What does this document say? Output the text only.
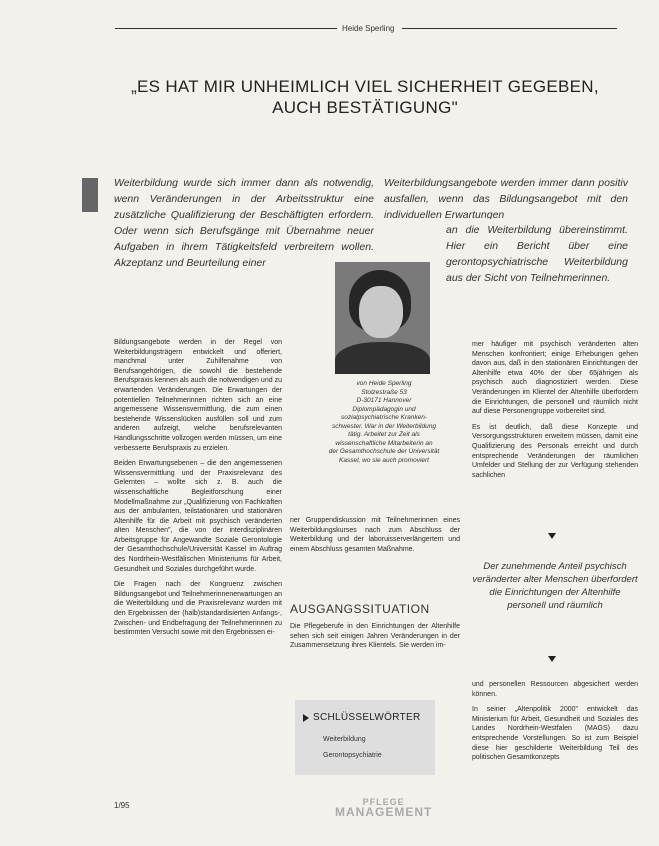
Heide Sperling
„ES HAT MIR UNHEIMLICH VIEL SICHERHEIT GEGEBEN,
AUCH BESTÄTIGUNG"
Weiterbildung wurde sich immer dann als notwendig, wenn Veränderungen in der Arbeitsstruktur eine zusätzliche Qualifizierung der Beschäftigten erfordern. Oder wenn sich Berufsgänge mit Übernahme neuer Aufgaben in ihrem Tätigkeitsfeld verbreitern wollen. Akzeptanz und Beurteilung einer
Weiterbildungsangebote werden immer dann positiv ausfallen, wenn das Bildungsangebot mit den individuellen Erwartungen
an die Weiterbildung übereinstimmt. Hier ein Bericht über eine gerontopsychiatrische Weiterbildung aus der Sicht von Teilnehmerinnen.
von Heide Sperling
Stolzestraße 53
D-30171 Hannover
Diplompädagogin und
sozialpsychiatrische Kranken-
schwester. War in der Weiterbildung
tätig. Arbeitet zur Zeit als
wissenschaftliche Mitarbeiterin an
der Gesamthochschule der Universität
Kassel, wo sie auch promoviert
Bildungsangebote werden in der Regel von Weiterbildungsträgern entwickelt und offeriert, manchmal unter Zuhilfenahme von Berufsangehörigen, die sowohl die bestehende Berufspraxis kennen als auch die notwendigen und zu erwartenden Veränderungen. Die Erwartungen der potentiellen Teilnehmerinnen richten sich an eine angemessene Wissensvermittlung, die zum einen bestehende Wissenslücken ausfüllen soll und zum anderen aufzeigt, welche berufsrelevanten Handlungsschritte vollzogen werden müssen, um eine verbesserte Berufspraxis zu erzielen.
Beiden Erwartungsebenen – die den angemessenen Wissensvermittlung und der Praxisrelevanz des Gelernten – wollte sich z. B. auch die wissenschaftliche Begleitforschung einer Modellmaßnahme zur „Qualifizierung von Fachkräften aus der ambulanten, teilstationären und stationären Altenhilfe für die Arbeit mit psychisch veränderten alten Menschen", die von der interdisziplinären Arbeitsgruppe für Angewandte Soziale Gerontologie der Gesamthochschule/Universität Kassel im Auftrag des Nordrhein-Westfälischen Ministeriums für Arbeit, Gesundheit und Soziales durchgeführt wurde.
Die Fragen nach der Kongruenz zwischen Bildungsangebot und Teilnehmerinnenerwartungen an die Weiterbildung und die Praxisrelevanz wurden mit den Ergebnissen der (halb)standardisierten Anfangs-, Zwischen- und Endbefragung der Teilnehmerinnen zu bestimmten Versucht sowie mit den Ergebnissen ei-
ner Gruppendiskussion mit Teilnehmerinnen eines Weiterbildungskurses nach zum Abschluss der Weiterbildung und der laboruisserverlängertem und einem Abschluss gesamten Maßnahme.
AUSGANGSSITUATION
Die Pflegeberufe in den Einrichtungen der Altenhilfe sehen sich seit einigen Jahren Veränderungen in der Zusammensetzung ihres Klientels. Sie werden im-
SCHLÜSSELWÖRTER
Weiterbildung
Gerontopsychiatrie
mer häufiger mit psychisch veränderten alten Menschen konfrontiert; einige Erhebungen gehen davon aus, daß in den stationären Einrichtungen der Altenhilfe etwa 40% der über 65jährigen als psychisch auch diagnostiziert werden. Diese Veränderungen im Klientel der Altenhilfe überfordern die Einrichtungen, die personell und räumlich nicht auf diese Personengruppe vorbereitet sind.
Es ist deutlich, daß diese Konzepte und Versorgungsstrukturen erweitern müssen, damit eine Qualifizierung des Personals erreicht und durch entsprechende Veränderungen der räumlichen Umfelder und Stellung der zur Verfügung stehenden sachlichen
Der zunehmende Anteil psychisch veränderter alter Menschen überfordert die Einrichtungen der Altenhilfe personell und räumlich
und personellen Ressourcen abgesichert werden können.
In seiner „Altenpolitik 2000" entwickelt das Ministerium für Arbeit, Gesundheit und Soziales des Landes Nordrhein-Westfalen (MAGS) dazu entsprechende Vorstellungen. So ist zum Beispiel diese hier geschilderte Weiterbildung Teil des politischen Gesamtkonzepts
1/95	PFLEGE
MANAGEMENT
